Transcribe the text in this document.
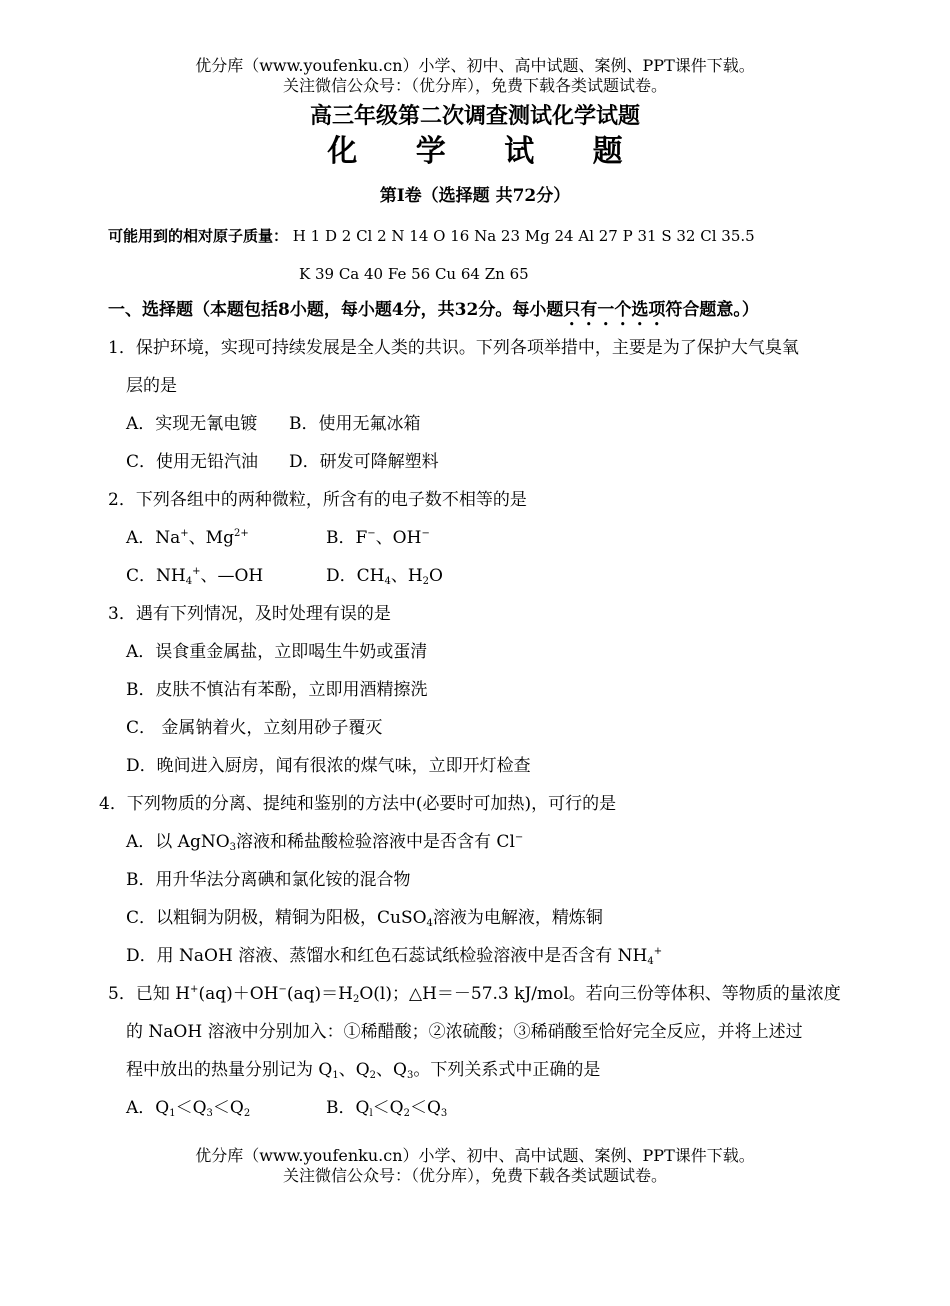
优分库（www.youfenku.cn）小学、初中、高中试题、案例、PPT课件下载。
关注微信公众号：（优分库），免费下载各类试题试卷。
高三年级第二次调查测试化学试题
化 学 试 题
第Ⅰ卷（选择题 共72分）
可能用到的相对原子质量： H 1 D 2 Cl 2 N 14 O 16 Na 23 Mg 24 Al 27 P 31 S 32 Cl 35.5
K 39 Ca 40 Fe 56 Cu 64 Zn 65
一、选择题（本题包括8小题，每小题4分，共32分。每小题只有一个选项符合题意。）
1．保护环境，实现可持续发展是全人类的共识。下列各项举措中，主要是为了保护大气臭氧
层的是
A．实现无氰电镀 B．使用无氟冰箱
C．使用无铅汽油 D．研发可降解塑料
2．下列各组中的两种微粒，所含有的电子数不相等的是
A．Na+、$Mg^{2+}$	B．F−、OH−
C．$NH_4^+$、—OH	D．$CH_4$、$H_2O$
3．遇有下列情况，及时处理有误的是
A．误食重金属盐，立即喝生牛奶或蛋清
B．皮肤不慎沾有苯酚，立即用酒精擦洗
C． 金属钠着火，立刻用砂子覆灭
D．晚间进入厨房，闻有很浓的煤气味，立即开灯检查
4．下列物质的分离、提纯和鉴别的方法中(必要时可加热)，可行的是
A．以 AgNO$_3$溶液和稀盐酸检验溶液中是否含有 Cl−
B．用升华法分离碘和氯化铵的混合物
C．以粗铜为阴极，精铜为阳极，CuSO$_4$溶液为电解液，精炼铜
D．用 NaOH 溶液、蒸馏水和红色石蕊试纸检验溶液中是否含有 $NH_4^+$
5．已知 $H^+(aq)+OH^-(aq)=H_2O(l)$；△H＝－57.3 kJ/mol。若向三份等体积、等物质的量浓度
的 NaOH 溶液中分别加入：①稀醋酸；②浓硫酸；③稀硝酸至恰好完全反应，并将上述过
程中放出的热量分别记为 $Q_1$、$Q_2$、$Q_3$。下列关系式中正确的是
A．$Q_1<Q_3<Q_2$	B．$Q_l<Q_2<Q_3$
优分库（www.youfenku.cn）小学、初中、高中试题、案例、PPT课件下载。
关注微信公众号：（优分库），免费下载各类试题试卷。
